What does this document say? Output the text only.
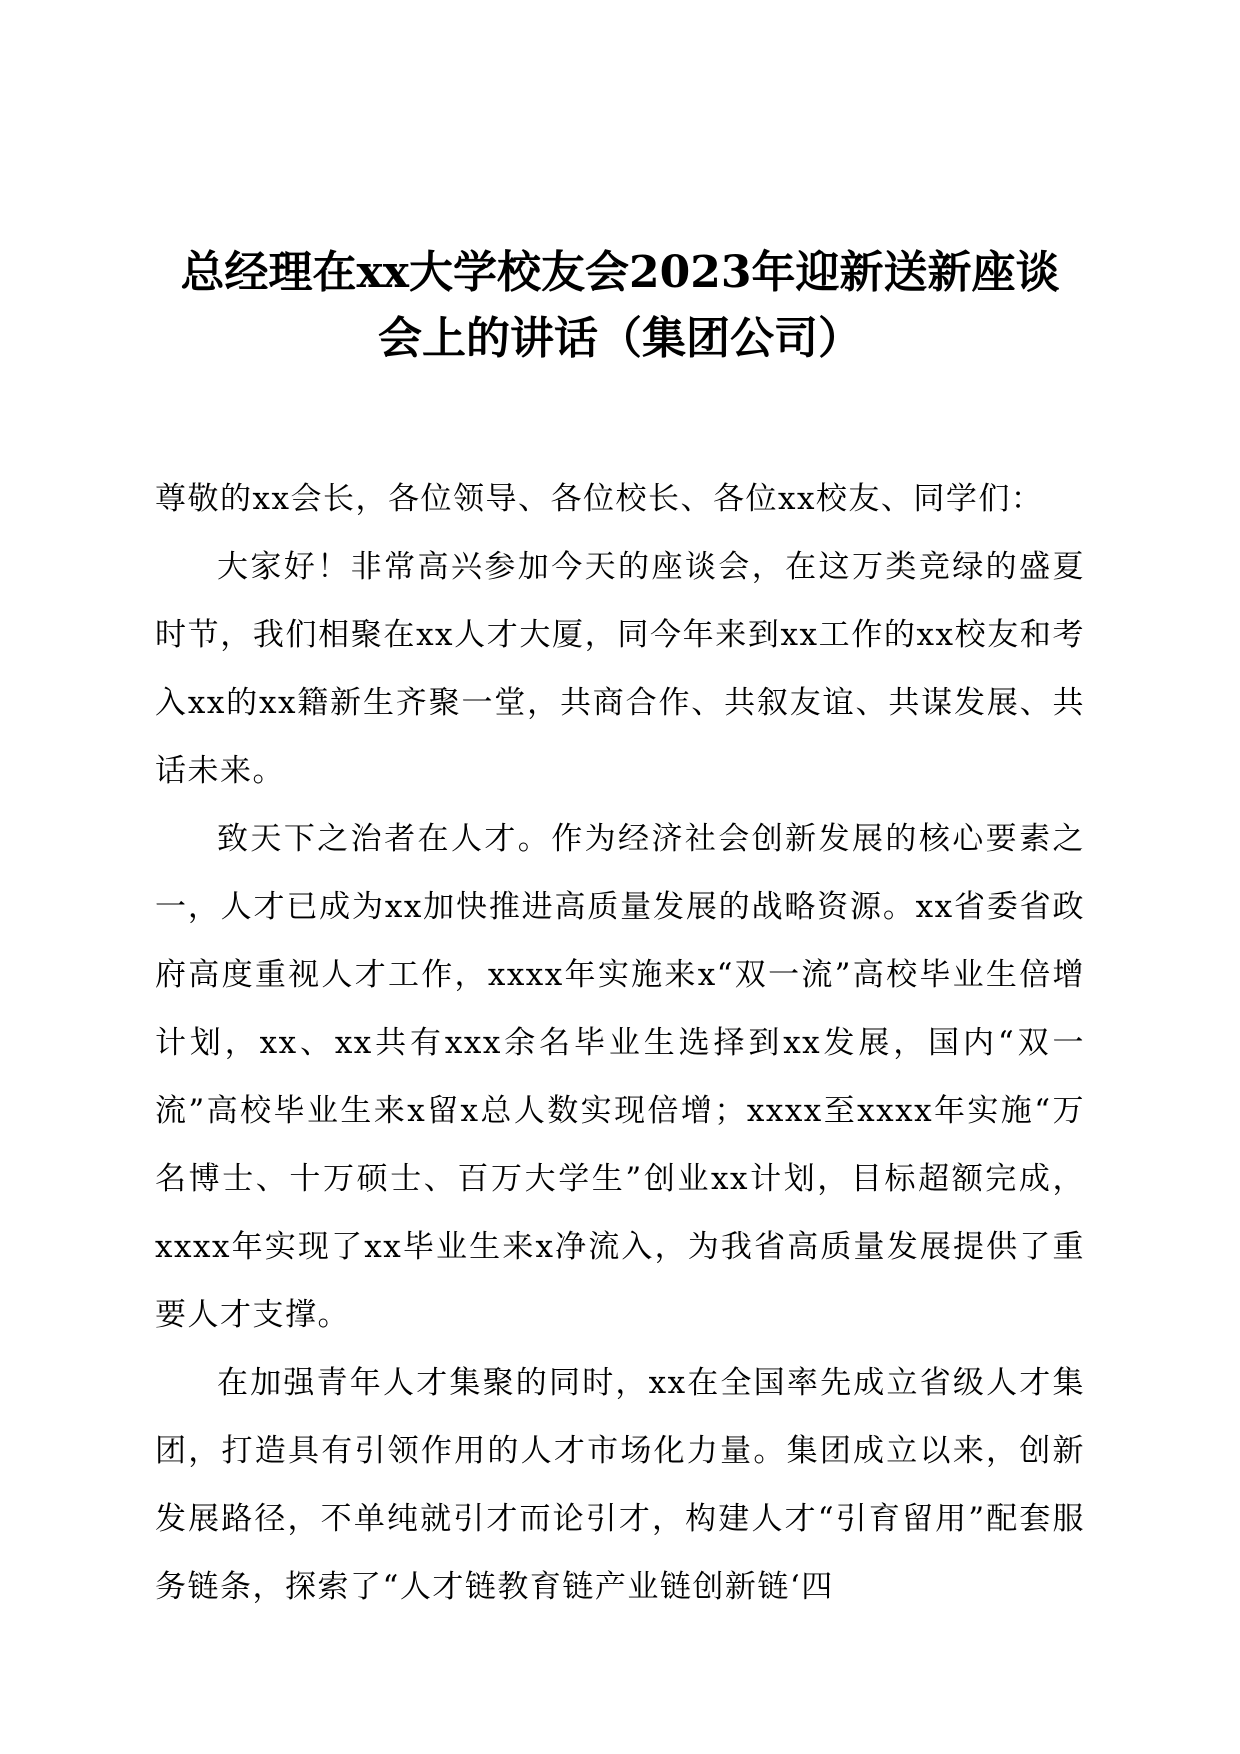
总经理在xx大学校友会2023年迎新送新座谈
会上的讲话（集团公司）

尊敬的xx会长，各位领导、各位校长、各位xx校友、同学们：

大家好！非常高兴参加今天的座谈会，在这万类竞绿的盛夏时节，我们相聚在xx人才大厦，同今年来到xx工作的xx校友和考入xx的xx籍新生齐聚一堂，共商合作、共叙友谊、共谋发展、共话未来。

致天下之治者在人才。作为经济社会创新发展的核心要素之一，人才已成为xx加快推进高质量发展的战略资源。xx省委省政府高度重视人才工作，xxxx年实施来x“双一流”高校毕业生倍增计划，xx、xx共有xxx余名毕业生选择到xx发展，国内“双一流”高校毕业生来x留x总人数实现倍增；xxxx至xxxx年实施“万名博士、十万硕士、百万大学生”创业xx计划，目标超额完成，xxxx年实现了xx毕业生来x净流入，为我省高质量发展提供了重要人才支撑。

在加强青年人才集聚的同时，xx在全国率先成立省级人才集团，打造具有引领作用的人才市场化力量。集团成立以来，创新发展路径，不单纯就引才而论引才，构建人才“引育留用”配套服务链条，探索了“人才链教育链产业链创新链‘四
